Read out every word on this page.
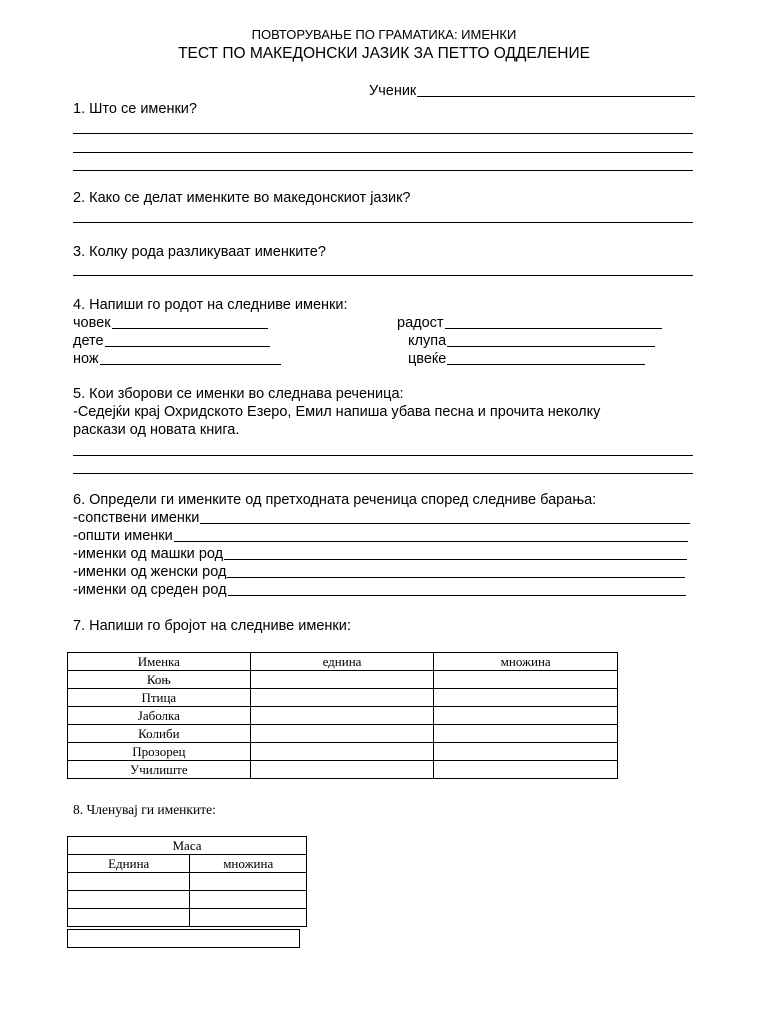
ПОВТОРУВАЊЕ ПО ГРАМАТИКА: ИМЕНКИ
ТЕСТ ПО МАКЕДОНСКИ ЈАЗИК ЗА ПЕТТО ОДДЕЛЕНИЕ
Ученик
1. Што се именки?
2. Како се делат именките во македонскиот јазик?
3. Колку рода разликуваат именките?
4. Напиши го родот на следниве именки:
човек
дете
нож
радост
клупа
цвеќе
5. Кои зборови се именки во следнава реченица:
-Седејќи крај Охридското Езеро, Емил напиша убава песна и прочита неколку
раскази од новата книга.
6. Определи ги именките од претходната реченица според следниве барања:
-сопствени именки
-општи именки
-именки од машки род
-именки од женски род
-именки од среден род
7. Напиши го бројот на следниве именки:
Именка	еднина	множина
Коњ		
Птица		
Јаболка		
Колиби		
Прозорец		
Училиште		
8. Членувај ги именките:
Маса	
Еднина	множина
